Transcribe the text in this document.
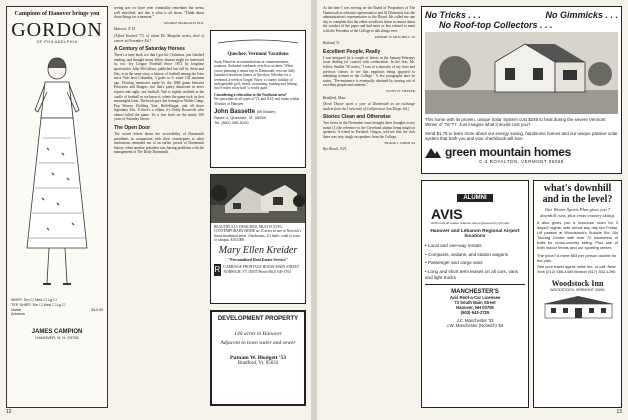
Campions of Hanover brings you
GORDON
OF PHILADELPHIA
SKIRT: Sm ☐ Med ☐ Lg ☐
TEE SHIRT: Sm ☐ Med ☐ Lg ☐
Name	$14.00
Address
JAMES CAMPION
HANOVER, N. H. 03755
seeing acts we have seen criminality remember but seems well mortified, and this is what is all about. "Think about those things for a moment."
GEORGE MARGOLIS M.D.
Hanover, N. H.
[Alfred Korford '73, of whom Dr. Margolis writes, died of cancer in November. Ed.]
A Century of Saturday Horses
There's a time book too that I got for Christmas, just finished reading, and thought many fellow alumni might be interested in, too. Ivy League Football Since 1872 by longtime sportswriter John McCallum, published last fall by Stein and Day, is in the same story, a history of football among the Ivies since Yale beat Columbia, 3 goals to 0, some 105 autumns ago. Flowing memories made by the 1869 game between Princeton and Rutgers, but that's pretty dismissed in news reports and rugby, not football. Yale is rightly credited as the cradle of football as we know it, where the game took its first meaningful form. The book pays due homage to Walter Camp, Pop Warner, Fielding Yost, Heffelfinger, and all those legendary Elis. If there's a villain, it's Teddy Roosevelt who almost killed the game. It's a fine book on the nearly 100 years of Saturday heroes.
The Open Door
The recent letters about the accessibility of Dartmouth presidents in comparison with their counterparts at other institutions reminded me of an earlier period of Dartmouth history when another president was having problems with the management of The Daily Dartmouth.
Quechee, Vermont Vacations
Soon, Hanover accommodations at commencement, reunions. Secluded weekends overflow at times. When you're planning a return trip to Dartmouth, rent our fully furnished luxurious homes at Quechee. Whether for a weekend, a week or longer. Enjoy a country holiday of unforgettable golf, tennis, swimming, boating and fishing. Just 9 miles away half "a world apart."
Considering a relocation to the Northeast area?
We specialize in all types of VL and N.H. real estate within 30 miles of Hanover.
John Bassette (55 Broker)
Route 4, Quechee, Vt. 05059
Tel. (802) 295-5100
BEAUTIFULLY DESIGNED, MULTI-LEVEL CONTEMPORARY HOME on 11 acres in one of Norwich's finest residential areas. 4 bedrooms, 2½ baths, walk to town or campus. $103,000.
Mary Ellen Kreider
"Personalized Real Estate Service"
R CARRIAGE FRONTAGE HOUSE MAIN STREET NORWICH, VT. 05055 Phone (802) 649-1704
DEVELOPMENT PROPERTY
140 acres in Hanover
Adjacent to town water and sewer
Putnam W. Blodgett '53
Bradford, Vt. 05033
12
At the time I was serving on the Board of Proprietors of The Dartmouth as editorial representative and Al Dickerson was the administration's representative to the Board. He called me one day to complain that the editor would not listen to reason about the conduct of the paper and had more or less refused to meet with the President of the College to talk things over.
ROBERT W. MITCHELL '32
Rutland, Vt.
Excellent People, Really
I was intrigued by a couple of letters in the January-February issue dealing (of course) with coeducation. In the first, Mr. Jeffrey Smillie '58 writes, "I was of a minority of my class and previous classes to see this emphasis being opposed to admitting women to the College." A few paragraphs later he states, "Pre-eminence is eventually obtained by turning out of excellent people and students."
SCOTT N. THAYER
Bradford, Mass.
[Scott Thayer spent a year at Dartmouth as an exchange student from the University of California at San Diego. Ed.]
Stories Clean and Otherwise
Two items in the November issue brought these thoughts to my mind: (1) the reference to the Cleveland alumni being tough on speakers. A friend in Portland, Oregon, told me that the club there was very tough on speakers from the College.
FRANK J. TOBIN '24
Rye Beach, N.H.
No Tricks . . .	No Gimmicks . . .
No Roof-top Collectors . . .
This home with its proven, unique Solar System cost $249 to heat during the severe Vermont Winter of '76-'77. Just imagine what it would cost you?
Send $1.75 to learn more about our energy saving, handsome homes and our unique passive solar system that both you and your checkbook will love.
green mountain homes
C-3 ROYALTON, VERMONT 05068
ALUMNI
AVIS
AVIS rents all makes. features cars engineered by Chrysler.
Hanover and Lebanon Regional Airport locations
• Local and one-way rentals
• Compacts, sedans, and station wagons
• Passenger and cargo vans
• Long and short term leases on all cars, vans and light trucks
MANCHESTER'S
Avis Rent-a-Car Licensee
73 South Main Street
Hanover, NH 03755
(603) 643-2725
J.C. Manchester '33
J.W. Manchester (Norwich) '64
what's downhill and in the level?
Our Winter Sports Plan gives you 7 downhill runs, plus cross-country skiing.
It also gives you a luxurious room for 3 days/2 nights, with arrival any day but Friday. Lift passes at Woodstock's Suicide Six. Ski Touring Center with over 72 kilometers of trails for cross-country skiing. Plus use of both indoor tennis and our sporting center.
The price? A mere $53 per person double for the plan.
See your travel agent, write Inn, or call: New York (212) 586-4459 Boston (617) 542-1290
Woodstock Inn
WOODSTOCK, VERMONT 05091
13
